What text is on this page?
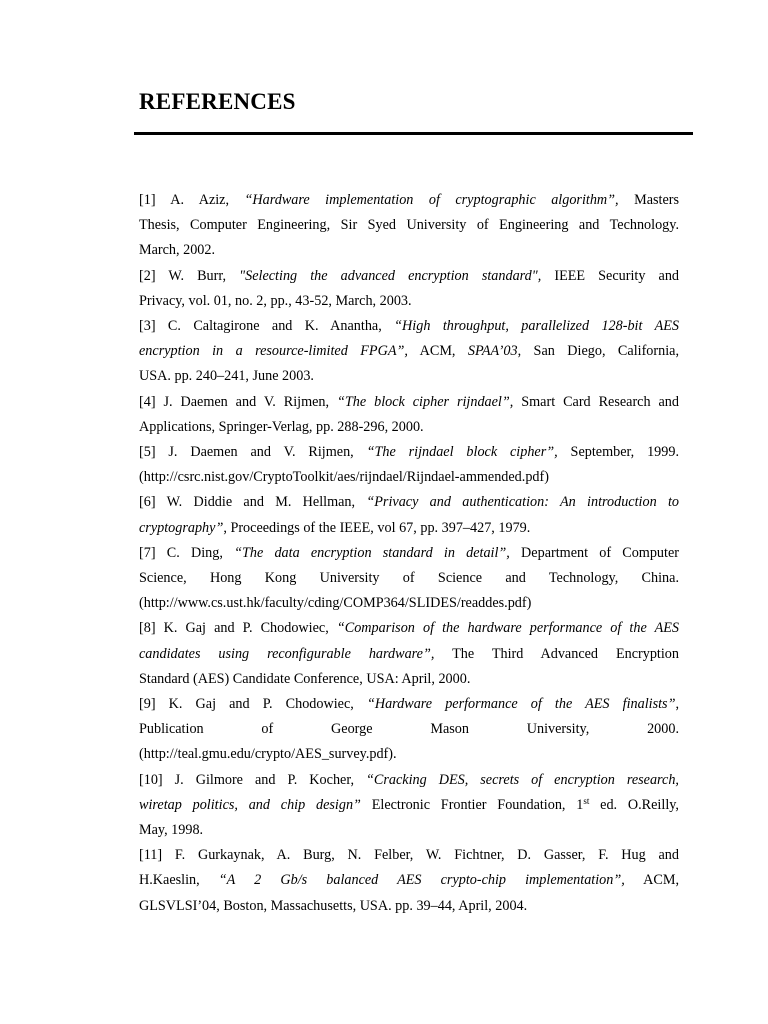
REFERENCES
[1] A. Aziz, “Hardware implementation of cryptographic algorithm”, Masters
Thesis, Computer Engineering, Sir Syed University of Engineering and Technology.
March, 2002.
[2] W. Burr, "Selecting the advanced encryption standard", IEEE Security and
Privacy, vol. 01, no. 2, pp., 43-52, March, 2003.
[3] C. Caltagirone and K. Anantha, “High throughput, parallelized 128-bit AES
encryption in a resource-limited FPGA”, ACM, SPAA’03, San Diego, California,
USA. pp. 240–241, June 2003.
[4] J. Daemen and V. Rijmen, “The block cipher rijndael”, Smart Card Research and
Applications, Springer-Verlag, pp. 288-296, 2000.
[5] J. Daemen and V. Rijmen, “The rijndael block cipher”, September, 1999.
(http://csrc.nist.gov/CryptoToolkit/aes/rijndael/Rijndael-ammended.pdf)
[6] W. Diddie and M. Hellman, “Privacy and authentication: An introduction to
cryptography”, Proceedings of the IEEE, vol 67, pp. 397–427, 1979.
[7] C. Ding, “The data encryption standard in detail”, Department of Computer
Science, Hong Kong University of Science and Technology, China.
(http://www.cs.ust.hk/faculty/cding/COMP364/SLIDES/readdes.pdf)
[8] K. Gaj and P. Chodowiec, “Comparison of the hardware performance of the AES
candidates using reconfigurable hardware”, The Third Advanced Encryption
Standard (AES) Candidate Conference, USA: April, 2000.
[9] K. Gaj and P. Chodowiec, “Hardware performance of the AES finalists”,
Publication of George Mason University, 2000.
(http://teal.gmu.edu/crypto/AES_survey.pdf).
[10] J. Gilmore and P. Kocher, “Cracking DES, secrets of encryption research,
wiretap politics, and chip design” Electronic Frontier Foundation, 1st ed. O.Reilly,
May, 1998.
[11] F. Gurkaynak, A. Burg, N. Felber, W. Fichtner, D. Gasser, F. Hug and
H.Kaeslin, “A 2 Gb/s balanced AES crypto-chip implementation”, ACM,
GLSVLSI’04, Boston, Massachusetts, USA. pp. 39–44, April, 2004.
